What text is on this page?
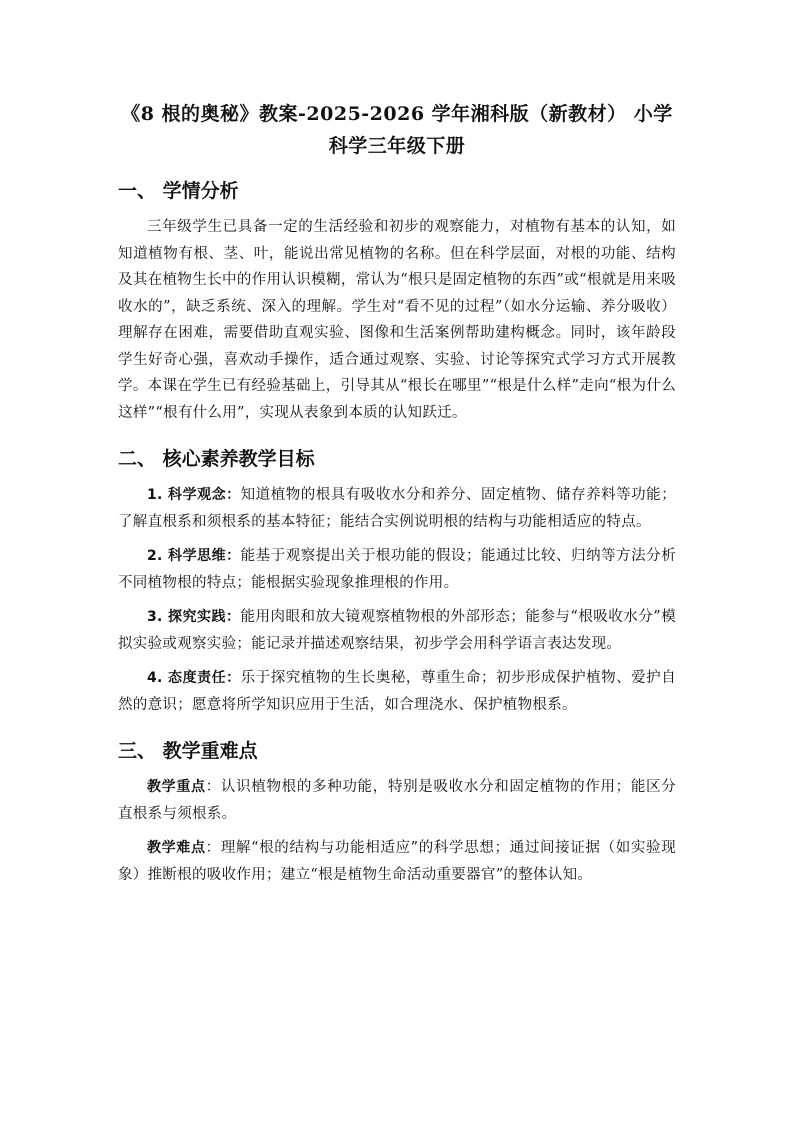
《8 根的奥秘》教案-2025-2026 学年湘科版（新教材） 小学科学三年级下册
一、 学情分析

三年级学生已具备一定的生活经验和初步的观察能力，对植物有基本的认知，如知道植物有根、茎、叶，能说出常见植物的名称。但在科学层面，对根的功能、结构及其在植物生长中的作用认识模糊，常认为“根只是固定植物的东西”或“根就是用来吸收水的”，缺乏系统、深入的理解。学生对“看不见的过程”（如水分运输、养分吸收）理解存在困难，需要借助直观实验、图像和生活案例帮助建构概念。同时，该年龄段学生好奇心强，喜欢动手操作，适合通过观察、实验、讨论等探究式学习方式开展教学。本课在学生已有经验基础上，引导其从“根长在哪里”“根是什么样”走向“根为什么这样”“根有什么用”，实现从表象到本质的认知跃迁。

二、 核心素养教学目标

1. 科学观念：知道植物的根具有吸收水分和养分、固定植物、储存养料等功能；了解直根系和须根系的基本特征；能结合实例说明根的结构与功能相适应的特点。

2. 科学思维：能基于观察提出关于根功能的假设；能通过比较、归纳等方法分析不同植物根的特点；能根据实验现象推理根的作用。

3. 探究实践：能用肉眼和放大镜观察植物根的外部形态；能参与“根吸收水分”模拟实验或观察实验；能记录并描述观察结果，初步学会用科学语言表达发现。

4. 态度责任：乐于探究植物的生长奥秘，尊重生命；初步形成保护植物、爱护自然的意识；愿意将所学知识应用于生活，如合理浇水、保护植物根系。

三、 教学重难点

教学重点：认识植物根的多种功能，特别是吸收水分和固定植物的作用；能区分直根系与须根系。

教学难点：理解“根的结构与功能相适应”的科学思想；通过间接证据（如实验现象）推断根的吸收作用；建立“根是植物生命活动重要器官”的整体认知。
